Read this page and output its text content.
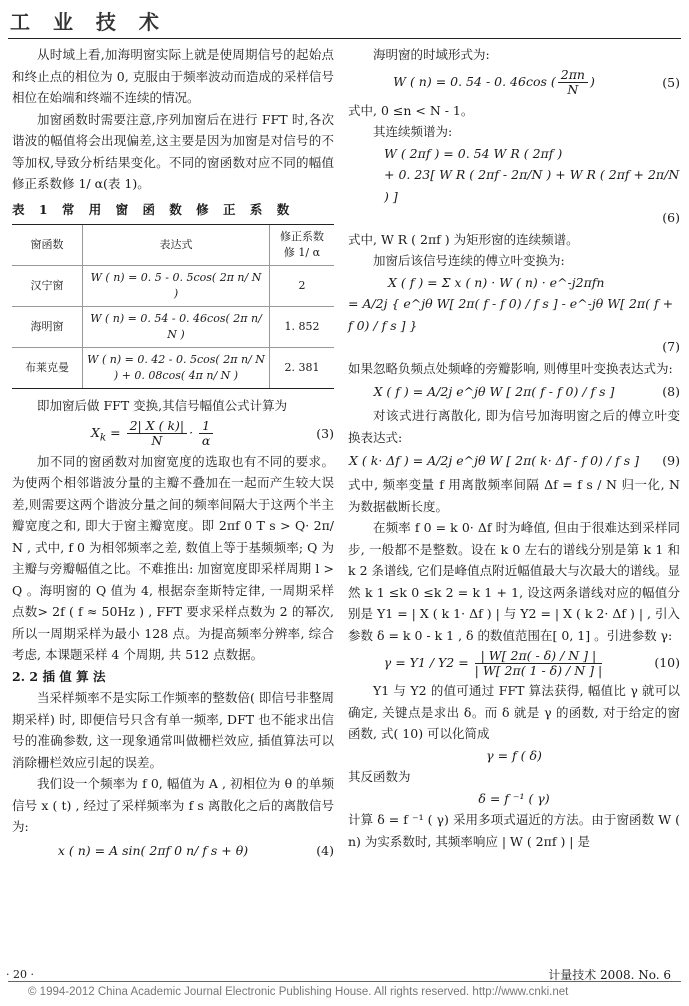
工 业 技 术

从时域上看,加海明窗实际上就是使周期信号的起始点和终止点的相位为 0, 克服由于频率波动而造成的采样信号相位在始端和终端不连续的情况。

加窗函数时需要注意,序列加窗后在进行 FFT 时,各次谐波的幅值将会出现偏差,这主要是因为加窗是对信号的不等加权,导致分析结果变化。不同的窗函数对应不同的幅值修正系数修 1/ α(表 1)。

表 1 常 用 窗 函 数 修 正 系 数
窗函数	表达式	修正系数 修 1/ α
汉宁窗	W ( n) = 0. 5 - 0. 5cos( 2π n/ N )	2
海明窗	W ( n) = 0. 54 - 0. 46cos( 2π n/ N )	1. 852
布莱克曼	W ( n) = 0. 42 - 0. 5cos( 2π n/ N ) + 0. 08cos( 4π n/ N )	2. 381

即加窗后做 FFT 变换,其信号幅值公式计算为

$X_k = \frac{2| X ( k)|}{N} \cdot \frac{1}{\alpha}$	(3)

加不同的窗函数对加窗宽度的选取也有不同的要求。为使两个相邻谐波分量的主瓣不叠加在一起而产生较大误差,则需要这两个谐波分量之间的频率间隔大于这两个半主瓣宽度之和, 即大于窗主瓣宽度。即 2πf 0 T s > Q· 2π/ N , 式中, f 0 为相邻频率之差, 数值上等于基频频率; Q 为主瓣与旁瓣幅值之比。不难推出: 加窗宽度即采样周期 l > Q 。海明窗的 Q 值为 4, 根据奈奎斯特定律, 一周期采样点数> 2f ( f ≈ 50Hz ) , FFT 要求采样点数为 2 的幂次, 所以一周期采样为最小 128 点。为提高频率分辨率, 综合考虑, 本课题采样 4 个周期, 共 512 点数据。

2. 2 插 值 算 法

当采样频率不是实际工作频率的整数倍( 即信号非整周期采样) 时, 即便信号只含有单一频率, DFT 也不能求出信号的准确参数, 这一现象通常叫做栅栏效应, 插值算法可以消除栅栏效应引起的误差。

我们设一个频率为 f 0, 幅值为 A , 初相位为 θ 的单频信号 x ( t) , 经过了采样频率为 f s 离散化之后的离散信号为:

x ( n) = A sin( 2πf 0 n/ f s + θ)	(4)

海明窗的时域形式为:

W ( n) = 0. 54 - 0. 46cos ( $\frac{2\pi n}{N}$ )	(5)

式中, 0 ≤n < N - 1。

其连续频谱为:

W ( 2πf ) = 0. 54 W R ( 2πf )
+ 0. 23[ W R ( 2πf - 2π/N ) + W R ( 2πf + 2π/N ) ]
(6)

式中, W R ( 2πf ) 为矩形窗的连续频谱。

加窗后该信号连续的傅立叶变换为:

X ( f ) = Σ x ( n) · W ( n) · e^-j2πfn
= A/2j { e^jθ W[ 2π( f - f 0) / f s ] - e^-jθ W[ 2π( f + f 0) / f s ] }
(7)

如果忽略负频点处频峰的旁瓣影响, 则傅里叶变换表达式为:

X ( f ) = A/2j e^jθ W [ 2π( f - f 0) / f s ]	(8)

对该式进行离散化, 即为信号加海明窗之后的傅立叶变换表达式:

X ( k· Δf ) = A/2j e^jθ W [ 2π( k· Δf - f 0) / f s ]	(9)

式中, 频率变量 f 用离散频率间隔 Δf = f s / N 归一化, N 为数据截断长度。

在频率 f 0 = k 0· Δf 时为峰值, 但由于很难达到采样同步, 一般都不是整数。设在 k 0 左右的谱线分别是第 k 1 和 k 2 条谱线, 它们是峰值点附近幅值最大与次最大的谱线。显然 k 1 ≤k 0 ≤k 2 = k 1 + 1, 设这两条谱线对应的幅值分别是 Y1 = | X ( k 1· Δf ) | 与 Y2 = | X ( k 2· Δf ) | , 引入参数 δ = k 0 - k 1 , δ 的数值范围在[ 0, 1] 。引进参数 γ:

$\gamma = Y1 / Y2 = \frac{| W[ 2\pi( - \delta) / N ] |}{| W[ 2\pi( 1 - \delta) / N ] |}$	(10)

Y1 与 Y2 的值可通过 FFT 算法获得, 幅值比 γ 就可以确定, 关键点是求出 δ。而 δ 就是 γ 的函数, 对于给定的窗函数, 式( 10) 可以化简成

γ = f ( δ)

其反函数为

δ = f ⁻¹ ( γ)

计算 δ = f ⁻¹ ( γ) 采用多项式逼近的方法。由于窗函数 W ( n) 为实系数时, 其频率响应 | W ( 2πf ) | 是

· 20 ·	计量技术 2008. No. 6
© 1994-2012 China Academic Journal Electronic Publishing House. All rights reserved. http://www.cnki.net
